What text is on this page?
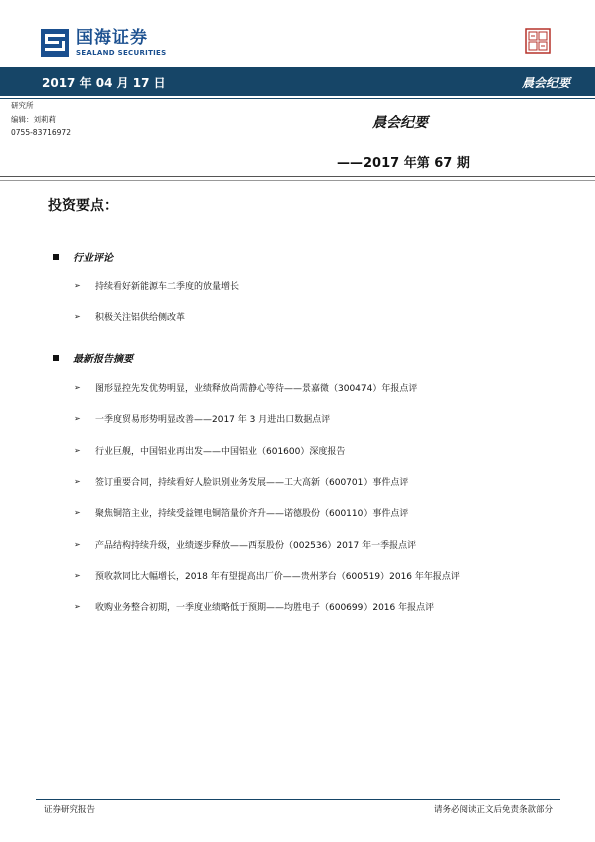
国海证券
SEALAND SECURITIES
2017 年 04 月 17 日	晨会纪要
研究所
编辑：刘莉莉
0755-83716972
晨会纪要
——2017 年第 67 期
投资要点：
行业评论
➢	持续看好新能源车二季度的放量增长
➢	积极关注铝供给侧改革
最新报告摘要
➢	图形显控先发优势明显，业绩释放尚需静心等待——景嘉微（300474）年报点评
➢	一季度贸易形势明显改善——2017 年 3 月进出口数据点评
➢	行业巨舰，中国铝业再出发——中国铝业（601600）深度报告
➢	签订重要合同，持续看好人脸识别业务发展——工大高新（600701）事件点评
➢	聚焦铜箔主业，持续受益锂电铜箔量价齐升——诺德股份（600110）事件点评
➢	产品结构持续升级，业绩逐步释放——西泵股份（002536）2017 年一季报点评
➢	预收款同比大幅增长，2018 年有望提高出厂价——贵州茅台（600519）2016 年年报点评
➢	收购业务整合初期，一季度业绩略低于预期——均胜电子（600699）2016 年报点评
证券研究报告	请务必阅读正文后免责条款部分
